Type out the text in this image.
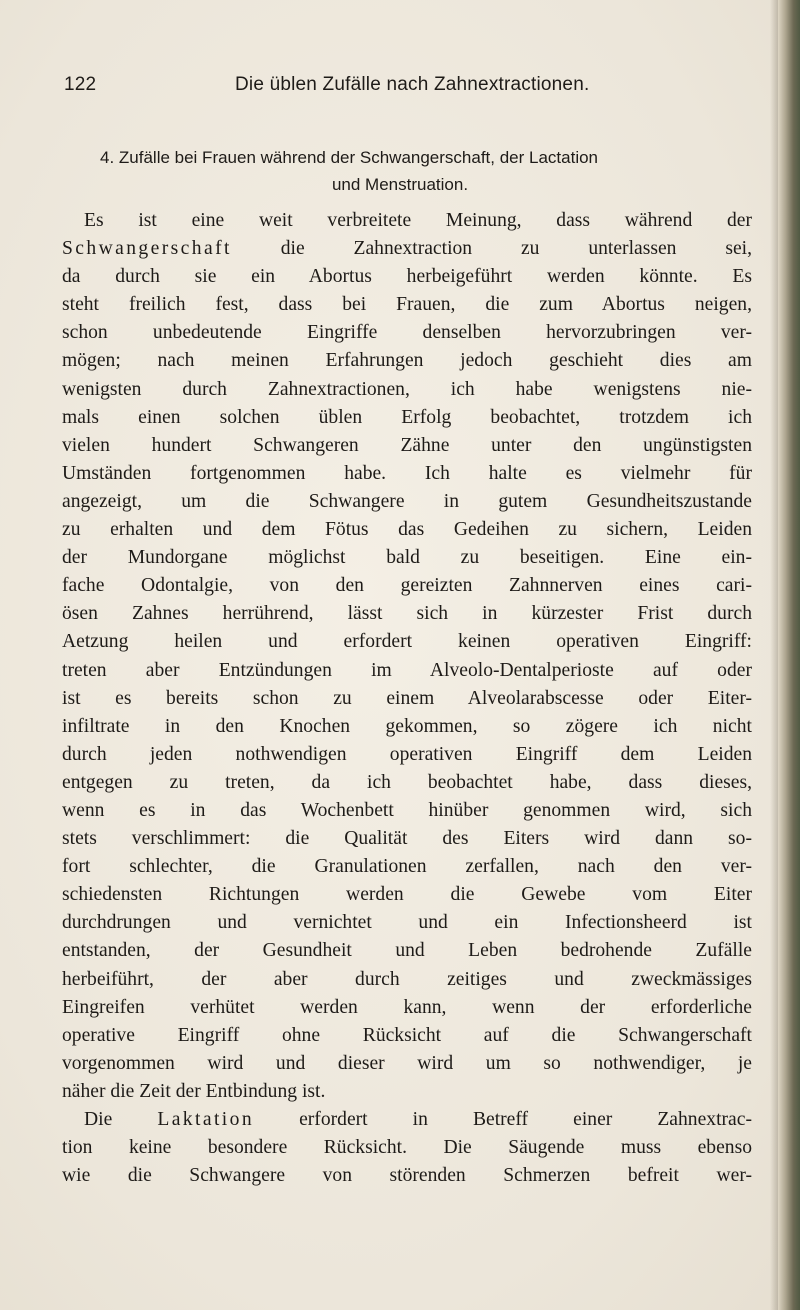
122	Die üblen Zufälle nach Zahnextractionen.
4. Zufälle bei Frauen während der Schwangerschaft, der Lactation
und Menstruation.
Es ist eine weit verbreitete Meinung, dass während der
Schwangerschaft die Zahnextraction zu unterlassen sei,
da durch sie ein Abortus herbeigeführt werden könnte. Es
steht freilich fest, dass bei Frauen, die zum Abortus neigen,
schon unbedeutende Eingriffe denselben hervorzubringen ver-
mögen; nach meinen Erfahrungen jedoch geschieht dies am
wenigsten durch Zahnextractionen, ich habe wenigstens nie-
mals einen solchen üblen Erfolg beobachtet, trotzdem ich
vielen hundert Schwangeren Zähne unter den ungünstigsten
Umständen fortgenommen habe. Ich halte es vielmehr für
angezeigt, um die Schwangere in gutem Gesundheitszustande
zu erhalten und dem Fötus das Gedeihen zu sichern, Leiden
der Mundorgane möglichst bald zu beseitigen. Eine ein-
fache Odontalgie, von den gereizten Zahnnerven eines cari-
ösen Zahnes herrührend, lässt sich in kürzester Frist durch
Aetzung heilen und erfordert keinen operativen Eingriff:
treten aber Entzündungen im Alveolo-Dentalperioste auf oder
ist es bereits schon zu einem Alveolarabscesse oder Eiter-
infiltrate in den Knochen gekommen, so zögere ich nicht
durch jeden nothwendigen operativen Eingriff dem Leiden
entgegen zu treten, da ich beobachtet habe, dass dieses,
wenn es in das Wochenbett hinüber genommen wird, sich
stets verschlimmert: die Qualität des Eiters wird dann so-
fort schlechter, die Granulationen zerfallen, nach den ver-
schiedensten Richtungen werden die Gewebe vom Eiter
durchdrungen und vernichtet und ein Infectionsheerd ist
entstanden, der Gesundheit und Leben bedrohende Zufälle
herbeiführt, der aber durch zeitiges und zweckmässiges
Eingreifen verhütet werden kann, wenn der erforderliche
operative Eingriff ohne Rücksicht auf die Schwangerschaft
vorgenommen wird und dieser wird um so nothwendiger, je
näher die Zeit der Entbindung ist.
Die Laktation erfordert in Betreff einer Zahnextrac-
tion keine besondere Rücksicht. Die Säugende muss ebenso
wie die Schwangere von störenden Schmerzen befreit wer-
